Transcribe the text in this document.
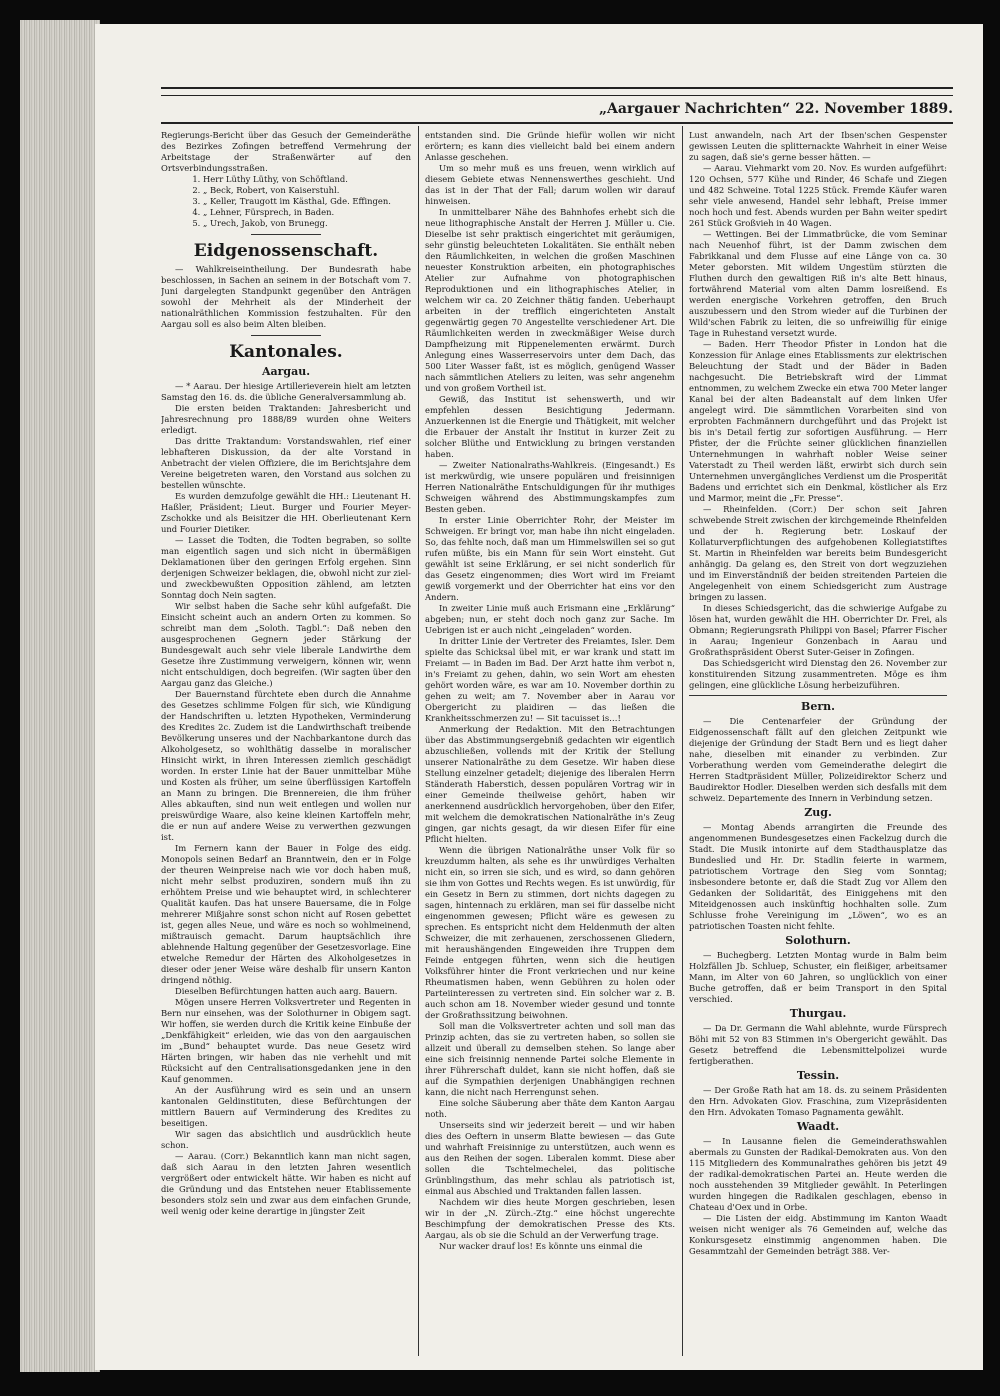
„Aargauer Nachrichten“ 22. November 1889.

Regierungs-Bericht über das Gesuch der Gemeinderäthe des Bezirkes Zofingen betreffend Vermehrung der Arbeitstage der Straßenwärter auf den Ortsverbindungsstraßen.

1. Herr Lüthy Lüthy, von Schöftland.
2. „ Beck, Robert, von Kaiserstuhl.
3. „ Keller, Traugott im Kästhal, Gde. Effingen.
4. „ Lehner, Fürsprech, in Baden.
5. „ Urech, Jakob, von Brunegg.
Eidgenossenschaft.

— Wahlkreiseintheilung. Der Bundesrath habe beschlossen, in Sachen an seinem in der Botschaft vom 7. Juni dargelegten Standpunkt gegenüber den Anträgen sowohl der Mehrheit als der Minderheit der nationalräthlichen Kommission festzuhalten. Für den Aargau soll es also beim Alten bleiben.

Kantonales.
Aargau.

— * Aarau. Der hiesige Artillerieverein hielt am letzten Samstag den 16. ds. die übliche Generalversammlung ab.

Die ersten beiden Traktanden: Jahresbericht und Jahresrechnung pro 1888/89 wurden ohne Weiters erledigt.

Das dritte Traktandum: Vorstandswahlen, rief einer lebhafteren Diskussion, da der alte Vorstand in Anbetracht der vielen Offiziere, die im Berichtsjahre dem Vereine beigetreten waren, den Vorstand aus solchen zu bestellen wünschte.

Es wurden demzufolge gewählt die HH.: Lieutenant H. Haßler, Präsident; Lieut. Burger und Fourier Meyer-Zschokke und als Beisitzer die HH. Oberlieutenant Kern und Fourier Dietiker.

— Lasset die Todten, die Todten begraben, so sollte man eigentlich sagen und sich nicht in übermäßigen Deklamationen über den geringen Erfolg ergehen. Sinn derjenigen Schweizer beklagen, die, obwohl nicht zur ziel- und zweckbewußten Opposition zählend, am letzten Sonntag doch Nein sagten.

Wir selbst haben die Sache sehr kühl aufgefaßt. Die Einsicht scheint auch an andern Orten zu kommen. So schreibt man dem „Soloth. Tagbl.“: Daß neben den ausgesprochenen Gegnern jeder Stärkung der Bundesgewalt auch sehr viele liberale Landwirthe dem Gesetze ihre Zustimmung verweigern, können wir, wenn nicht entschuldigen, doch begreifen. (Wir sagten über den Aargau ganz das Gleiche.)

Der Bauernstand fürchtete eben durch die Annahme des Gesetzes schlimme Folgen für sich, wie Kündigung der Handschriften u. letzten Hypotheken, Verminderung des Kredites 2c. Zudem ist die Landwirthschaft treibende Bevölkerung unseres und der Nachbarkantone durch das Alkoholgesetz, so wohlthätig dasselbe in moralischer Hinsicht wirkt, in ihren Interessen ziemlich geschädigt worden. In erster Linie hat der Bauer unmittelbar Mühe und Kosten als früher, um seine überflüssigen Kartoffeln an Mann zu bringen. Die Brennereien, die ihm früher Alles abkauften, sind nun weit entlegen und wollen nur preiswürdige Waare, also keine kleinen Kartoffeln mehr, die er nun auf andere Weise zu verwerthen gezwungen ist.

Im Fernern kann der Bauer in Folge des eidg. Monopols seinen Bedarf an Branntwein, den er in Folge der theuren Weinpreise nach wie vor doch haben muß, nicht mehr selbst produziren, sondern muß ihn zu erhöhtem Preise und wie behauptet wird, in schlechterer Qualität kaufen. Das hat unsere Bauersame, die in Folge mehrerer Mißjahre sonst schon nicht auf Rosen gebettet ist, gegen alles Neue, und wäre es noch so wohlmeinend, mißtrauisch gemacht. Darum hauptsächlich ihre ablehnende Haltung gegenüber der Gesetzesvorlage. Eine etwelche Remedur der Härten des Alkoholgesetzes in dieser oder jener Weise wäre deshalb für unsern Kanton dringend nöthig.

Dieselben Befürchtungen hatten auch aarg. Bauern.

Mögen unsere Herren Volksvertreter und Regenten in Bern nur einsehen, was der Solothurner in Obigem sagt. Wir hoffen, sie werden durch die Kritik keine Einbuße der „Denkfähigkeit“ erleiden, wie das von den aargauischen im „Bund“ behauptet wurde. Das neue Gesetz wird Härten bringen, wir haben das nie verhehlt und mit Rücksicht auf den Centralisationsgedanken jene in den Kauf genommen.

An der Ausführung wird es sein und an unsern kantonalen Geldinstituten, diese Befürchtungen der mittlern Bauern auf Verminderung des Kredites zu beseitigen.

Wir sagen das absichtlich und ausdrücklich heute schon.

— Aarau. (Corr.) Bekanntlich kann man nicht sagen, daß sich Aarau in den letzten Jahren wesentlich vergrößert oder entwickelt hätte. Wir haben es nicht auf die Gründung und das Entstehen neuer Etablissemente besonders stolz sein und zwar aus dem einfachen Grunde, weil wenig oder keine derartige in jüngster Zeit

entstanden sind. Die Gründe hiefür wollen wir nicht erörtern; es kann dies vielleicht bald bei einem andern Anlasse geschehen.

Um so mehr muß es uns freuen, wenn wirklich auf diesem Gebiete etwas Nennenswerthes geschieht. Und das ist in der That der Fall; darum wollen wir darauf hinweisen.

In unmittelbarer Nähe des Bahnhofes erhebt sich die neue lithographische Anstalt der Herren J. Müller u. Cie. Dieselbe ist sehr praktisch eingerichtet mit geräumigen, sehr günstig beleuchteten Lokalitäten. Sie enthält neben den Räumlichkeiten, in welchen die großen Maschinen neuester Konstruktion arbeiten, ein photographisches Atelier zur Aufnahme von photographischen Reproduktionen und ein lithographisches Atelier, in welchem wir ca. 20 Zeichner thätig fanden. Ueberhaupt arbeiten in der trefflich eingerichteten Anstalt gegenwärtig gegen 70 Angestellte verschiedener Art. Die Räumlichkeiten werden in zweckmäßiger Weise durch Dampfheizung mit Rippenelementen erwärmt. Durch Anlegung eines Wasserreservoirs unter dem Dach, das 500 Liter Wasser faßt, ist es möglich, genügend Wasser nach sämmtlichen Ateliers zu leiten, was sehr angenehm und von großem Vortheil ist.

Gewiß, das Institut ist sehenswerth, und wir empfehlen dessen Besichtigung Jedermann. Anzuerkennen ist die Energie und Thätigkeit, mit welcher die Erbauer der Anstalt ihr Institut in kurzer Zeit zu solcher Blüthe und Entwicklung zu bringen verstanden haben.

— Zweiter Nationalraths-Wahlkreis. (Eingesandt.) Es ist merkwürdig, wie unsere populären und freisinnigen Herren Nationalräthe Entschuldigungen für ihr muthiges Schweigen während des Abstimmungskampfes zum Besten geben.

In erster Linie Oberrichter Rohr, der Meister im Schweigen. Er bringt vor, man habe ihn nicht eingeladen. So, das fehlte noch, daß man um Himmelswillen sei so gut rufen müßte, bis ein Mann für sein Wort einsteht. Gut gewählt ist seine Erklärung, er sei nicht sonderlich für das Gesetz eingenommen; dies Wort wird im Freiamt gewiß vorgemerkt und der Oberrichter hat eins vor den Andern.

In zweiter Linie muß auch Erismann eine „Erklärung“ abgeben; nun, er steht doch noch ganz zur Sache. Im Uebrigen ist er auch nicht „eingeladen“ worden.

In dritter Linie der Vertreter des Freiamtes, Isler. Dem spielte das Schicksal übel mit, er war krank und statt im Freiamt — in Baden im Bad. Der Arzt hatte ihm verbot n, in's Freiamt zu gehen, dahin, wo sein Wort am ehesten gehört worden wäre, es war am 10. November dorthin zu gehen zu weit; am 7. November aber in Aarau vor Obergericht zu plaidiren — das ließen die Krankheitsschmerzen zu! — Sit tacuisset is…!

Anmerkung der Redaktion. Mit den Betrachtungen über das Abstimmungsergebniß gedachten wir eigentlich abzuschließen, vollends mit der Kritik der Stellung unserer Nationalräthe zu dem Gesetze. Wir haben diese Stellung einzelner getadelt; diejenige des liberalen Herrn Ständerath Haberstich, dessen populären Vortrag wir in einer Gemeinde theilweise gehört, haben wir anerkennend ausdrücklich hervorgehoben, über den Eifer, mit welchem die demokratischen Nationalräthe in's Zeug gingen, gar nichts gesagt, da wir diesen Eifer für eine Pflicht hielten.

Wenn die übrigen Nationalräthe unser Volk für so kreuzdumm halten, als sehe es ihr unwürdiges Verhalten nicht ein, so irren sie sich, und es wird, so dann gehören sie ihm von Gottes und Rechts wegen. Es ist unwürdig, für ein Gesetz in Bern zu stimmen, dort nichts dagegen zu sagen, hintennach zu erklären, man sei für dasselbe nicht eingenommen gewesen; Pflicht wäre es gewesen zu sprechen. Es entspricht nicht dem Heldenmuth der alten Schweizer, die mit zerhauenen, zerschossenen Gliedern, mit heraushängenden Eingeweiden ihre Truppen dem Feinde entgegen führten, wenn sich die heutigen Volksführer hinter die Front verkriechen und nur keine Rheumatismen haben, wenn Gebühren zu holen oder Parteiinteressen zu vertreten sind. Ein solcher war z. B. auch schon am 18. November wieder gesund und tonnte der Großrathssitzung beiwohnen.

Soll man die Volksvertreter achten und soll man das Prinzip achten, das sie zu vertreten haben, so sollen sie allzeit und überall zu demselben stehen. So lange aber eine sich freisinnig nennende Partei solche Elemente in ihrer Führerschaft duldet, kann sie nicht hoffen, daß sie auf die Sympathien derjenigen Unabhängigen rechnen kann, die nicht nach Herrengunst sehen.

Eine solche Säuberung aber thäte dem Kanton Aargau noth.

Unserseits sind wir jederzeit bereit — und wir haben dies des Oeftern in unserm Blatte bewiesen — das Gute und wahrhaft Freisinnige zu unterstützen, auch wenn es aus den Reihen der sogen. Liberalen kommt. Diese aber sollen die Tschtelmechelei, das politische Grünblingsthum, das mehr schlau als patriotisch ist, einmal aus Abschied und Traktanden fallen lassen.

Nachdem wir dies heute Morgen geschrieben, lesen wir in der „N. Zürch.-Ztg.“ eine höchst ungerechte Beschimpfung der demokratischen Presse des Kts. Aargau, als ob sie die Schuld an der Verwerfung trage.

Nur wacker drauf los! Es könnte uns einmal die

Lust anwandeln, nach Art der Ibsen'schen Gespenster gewissen Leuten die splitternackte Wahrheit in einer Weise zu sagen, daß sie's gerne besser hätten. —

— Aarau. Viehmarkt vom 20. Nov. Es wurden aufgeführt: 120 Ochsen, 577 Kühe und Rinder, 46 Schafe und Ziegen und 482 Schweine. Total 1225 Stück. Fremde Käufer waren sehr viele anwesend, Handel sehr lebhaft, Preise immer noch hoch und fest. Abends wurden per Bahn weiter spedirt 261 Stück Großvieh in 40 Wagen.

— Wettingen. Bei der Limmatbrücke, die vom Seminar nach Neuenhof führt, ist der Damm zwischen dem Fabrikkanal und dem Flusse auf eine Länge von ca. 30 Meter geborsten. Mit wildem Ungestüm stürzten die Fluthen durch den gewaltigen Riß in's alte Bett hinaus, fortwährend Material vom alten Damm losreißend. Es werden energische Vorkehren getroffen, den Bruch auszubessern und den Strom wieder auf die Turbinen der Wild'schen Fabrik zu leiten, die so unfreiwillig für einige Tage in Ruhestand versetzt wurde.

— Baden. Herr Theodor Pfister in London hat die Konzession für Anlage eines Etablissments zur elektrischen Beleuchtung der Stadt und der Bäder in Baden nachgesucht. Die Betriebskraft wird der Limmat entnommen, zu welchem Zwecke ein etwa 700 Meter langer Kanal bei der alten Badeanstalt auf dem linken Ufer angelegt wird. Die sämmtlichen Vorarbeiten sind von erprobten Fachmännern durchgeführt und das Projekt ist bis in's Detail fertig zur sofortigen Ausführung. — Herr Pfister, der die Früchte seiner glücklichen finanziellen Unternehmungen in wahrhaft nobler Weise seiner Vaterstadt zu Theil werden läßt, erwirbt sich durch sein Unternehmen unvergängliches Verdienst um die Prosperität Badens und errichtet sich ein Denkmal, köstlicher als Erz und Marmor, meint die „Fr. Presse“.

— Rheinfelden. (Corr.) Der schon seit Jahren schwebende Streit zwischen der kirchgemeinde Rheinfelden und der h. Regierung betr. Loskauf der Kollaturverpflichtungen des aufgehobenen Kollegiatstiftes St. Martin in Rheinfelden war bereits beim Bundesgericht anhängig. Da gelang es, den Streit von dort wegzuziehen und im Einverständniß der beiden streitenden Parteien die Angelegenheit von einem Schiedsgericht zum Austrage bringen zu lassen.

In dieses Schiedsgericht, das die schwierige Aufgabe zu lösen hat, wurden gewählt die HH. Oberrichter Dr. Frei, als Obmann; Regierungsrath Philippi von Basel; Pfarrer Fischer in Aarau; Ingenieur Gonzenbach in Aarau und Großrathspräsident Oberst Suter-Geiser in Zofingen.

Das Schiedsgericht wird Dienstag den 26. November zur konstituirenden Sitzung zusammentreten. Möge es ihm gelingen, eine glückliche Lösung herbeizuführen.

Bern.

— Die Centenarfeier der Gründung der Eidgenossenschaft fällt auf den gleichen Zeitpunkt wie diejenige der Gründung der Stadt Bern und es liegt daher nahe, dieselben mit einander zu verbinden. Zur Vorberathung werden vom Gemeinderathe delegirt die Herren Stadtpräsident Müller, Polizeidirektor Scherz und Baudirektor Hodler. Dieselben werden sich desfalls mit dem schweiz. Departemente des Innern in Verbindung setzen.

Zug.

— Montag Abends arrangirten die Freunde des angenommenen Bundesgesetzes einen Fackelzug durch die Stadt. Die Musik intonirte auf dem Stadthausplatze das Bundeslied und Hr. Dr. Stadlin feierte in warmem, patriotischem Vortrage den Sieg vom Sonntag; insbesondere betonte er, daß die Stadt Zug vor Allem den Gedanken der Solidarität, des Einiggehens mit den Miteidgenossen auch inskünftig hochhalten solle. Zum Schlusse frohe Vereinigung im „Löwen“, wo es an patriotischen Toasten nicht fehlte.

Solothurn.

— Buchegberg. Letzten Montag wurde in Balm beim Holzfällen Jb. Schluep, Schuster, ein fleißiger, arbeitsamer Mann, im Alter von 60 Jahren, so unglücklich von einer Buche getroffen, daß er beim Transport in den Spital verschied.

Thurgau.

— Da Dr. Germann die Wahl ablehnte, wurde Fürsprech Böhi mit 52 von 83 Stimmen in's Obergericht gewählt. Das Gesetz betreffend die Lebensmittelpolizei wurde fertigberathen.

Tessin.

— Der Große Rath hat am 18. ds. zu seinem Präsidenten den Hrn. Advokaten Giov. Fraschina, zum Vizepräsidenten den Hrn. Advokaten Tomaso Pagnamenta gewählt.

Waadt.

— In Lausanne fielen die Gemeinderathswahlen abermals zu Gunsten der Radikal-Demokraten aus. Von den 115 Mitgliedern des Kommunalrathes gehören bis jetzt 49 der radikal-demokratischen Partei an. Heute werden die noch ausstehenden 39 Mitglieder gewählt. In Peterlingen wurden hingegen die Radikalen geschlagen, ebenso in Chateau d'Oex und in Orbe.

— Die Listen der eidg. Abstimmung im Kanton Waadt weisen nicht weniger als 76 Gemeinden auf, welche das Konkursgesetz einstimmig angenommen haben. Die Gesammtzahl der Gemeinden beträgt 388. Ver-
